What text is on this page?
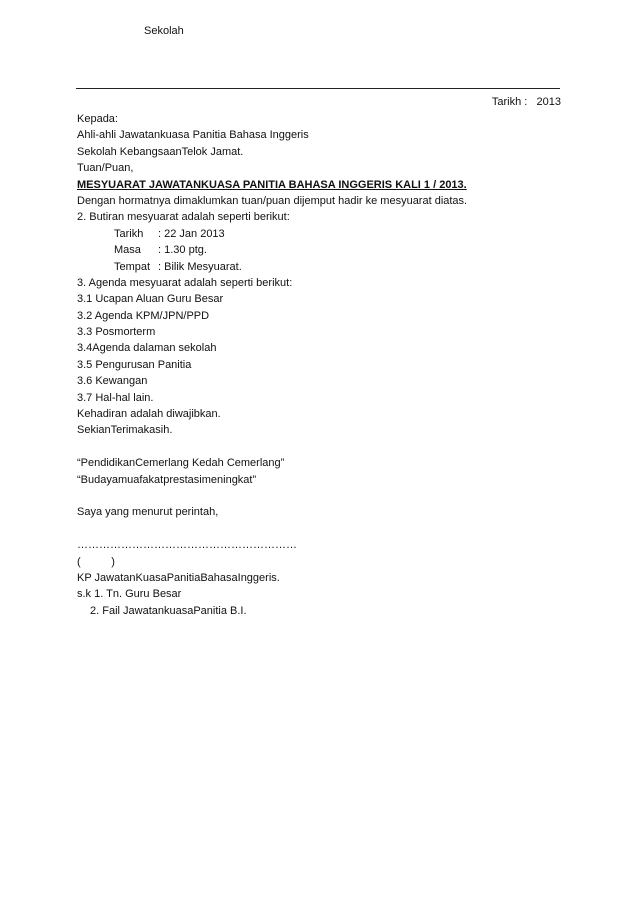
Sekolah
Tarikh :   2013
Kepada:
Ahli-ahli Jawatankuasa Panitia Bahasa Inggeris
Sekolah KebangsaanTelok Jamat.
Tuan/Puan,
MESYUARAT JAWATANKUASA PANITIA BAHASA INGGERIS KALI 1 / 2013.
Dengan hormatnya dimaklumkan tuan/puan dijemput hadir ke mesyuarat diatas.
2. Butiran mesyuarat adalah seperti berikut:
Tarikh : 22 Jan 2013
Masa : 1.30 ptg.
Tempat : Bilik Mesyuarat.
3. Agenda mesyuarat adalah seperti berikut:
3.1 Ucapan Aluan Guru Besar
3.2 Agenda KPM/JPN/PPD
3.3 Posmorterm
3.4Agenda dalaman sekolah
3.5 Pengurusan Panitia
3.6 Kewangan
3.7 Hal-hal lain.
Kehadiran adalah diwajibkan.
SekianTerimakasih.
“PendidikanCemerlang Kedah Cemerlang”
“Budayamuafakatprestasimeningkat”
Saya yang menurut perintah,
……………………………………………………
(          )
KP JawatanKuasaPanitiaBahasaInggeris.
s.k 1. Tn. Guru Besar
2. Fail JawatankuasaPanitia B.I.
